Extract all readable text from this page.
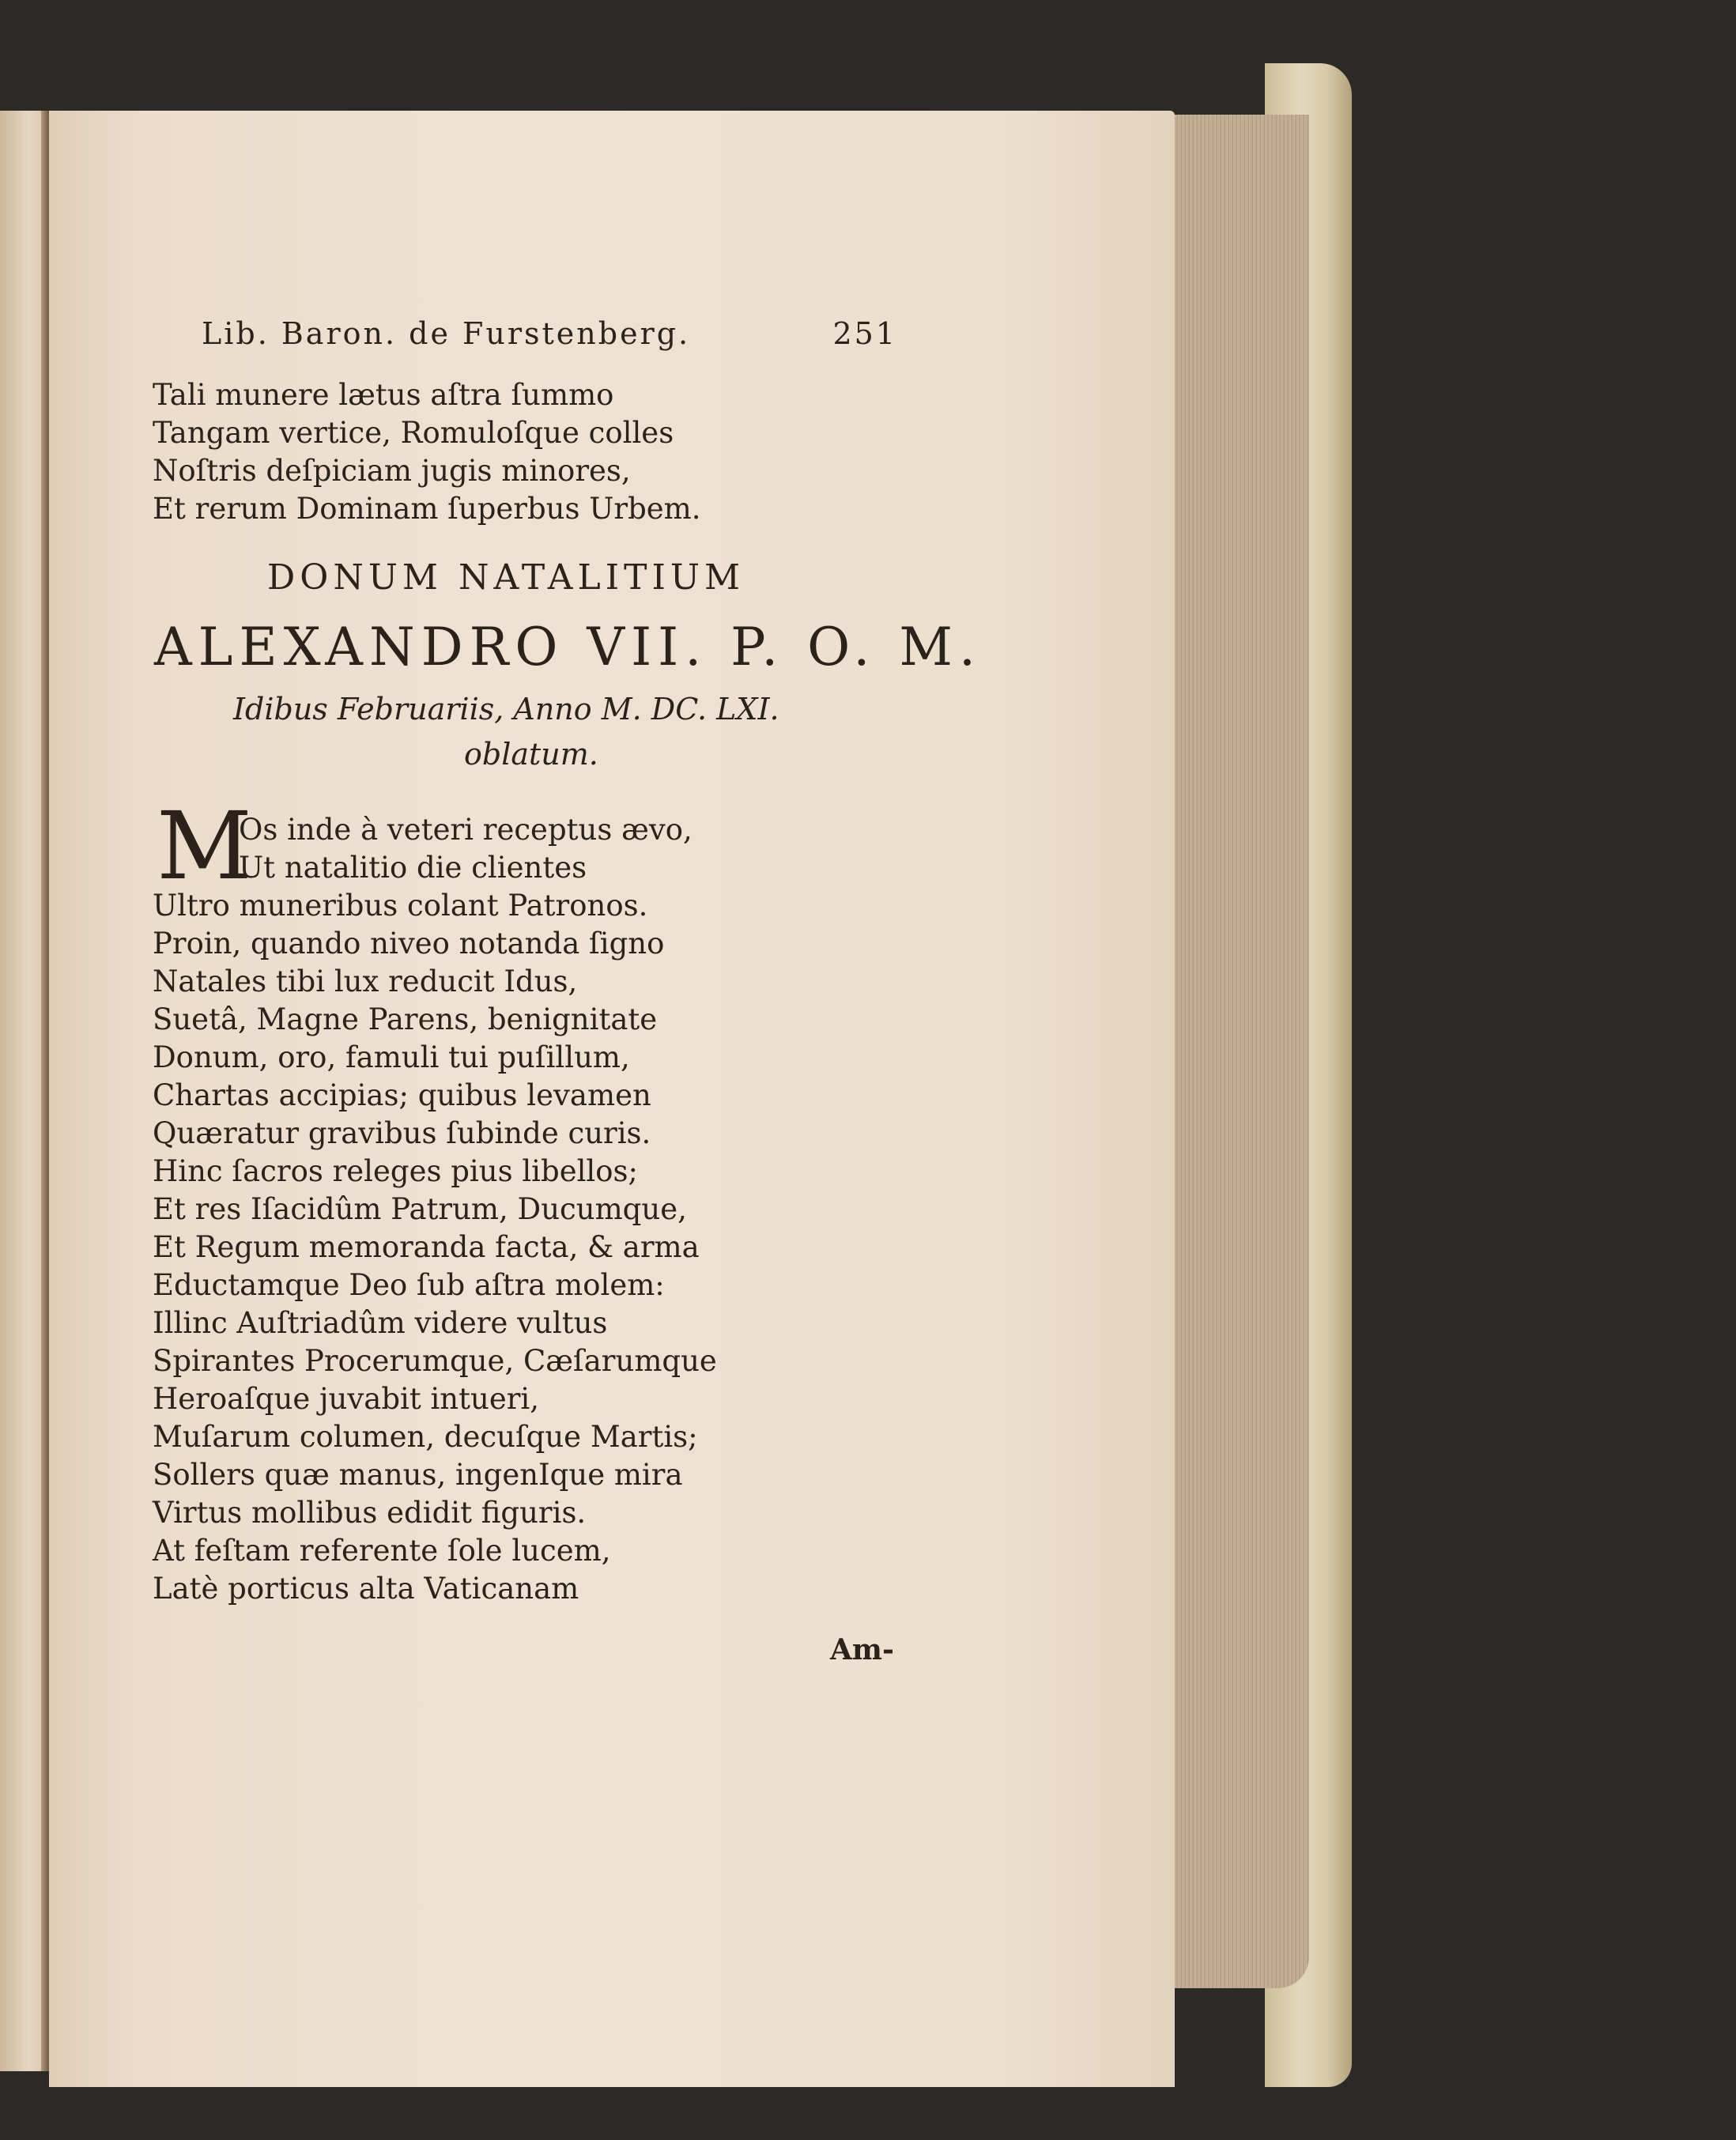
Lib. Baron. de Furstenberg.	251
Tali munere lætus aſtra ſummo
Tangam vertice, Romuloſque colles
Noſtris deſpiciam jugis minores,
Et rerum Dominam ſuperbus Urbem.
DONUM NATALITIUM
ALEXANDRO VII. P. O. M.
Idibus Februariis, Anno M. DC. LXI.
oblatum.
M
Os inde à veteri receptus ævo,
Ut natalitio die clientes
Ultro muneribus colant Patronos.
Proin, quando niveo notanda ſigno
Natales tibi lux reducit Idus,
Suetâ, Magne Parens, benignitate
Donum, oro, famuli tui puſillum,
Chartas accipias; quibus levamen
Quæratur gravibus ſubinde curis.
Hinc ſacros releges pius libellos;
Et res Iſacidûm Patrum, Ducumque,
Et Regum memoranda facta, & arma
Eductamque Deo ſub aſtra molem:
Illinc Auſtriadûm videre vultus
Spirantes Procerumque, Cæſarumque
Heroaſque juvabit intueri,
Muſarum columen, decuſque Martis;
Sollers quæ manus, ingenIque mira
Virtus mollibus edidit figuris.
At feſtam referente ſole lucem,
Latè porticus alta Vaticanam
Am-
